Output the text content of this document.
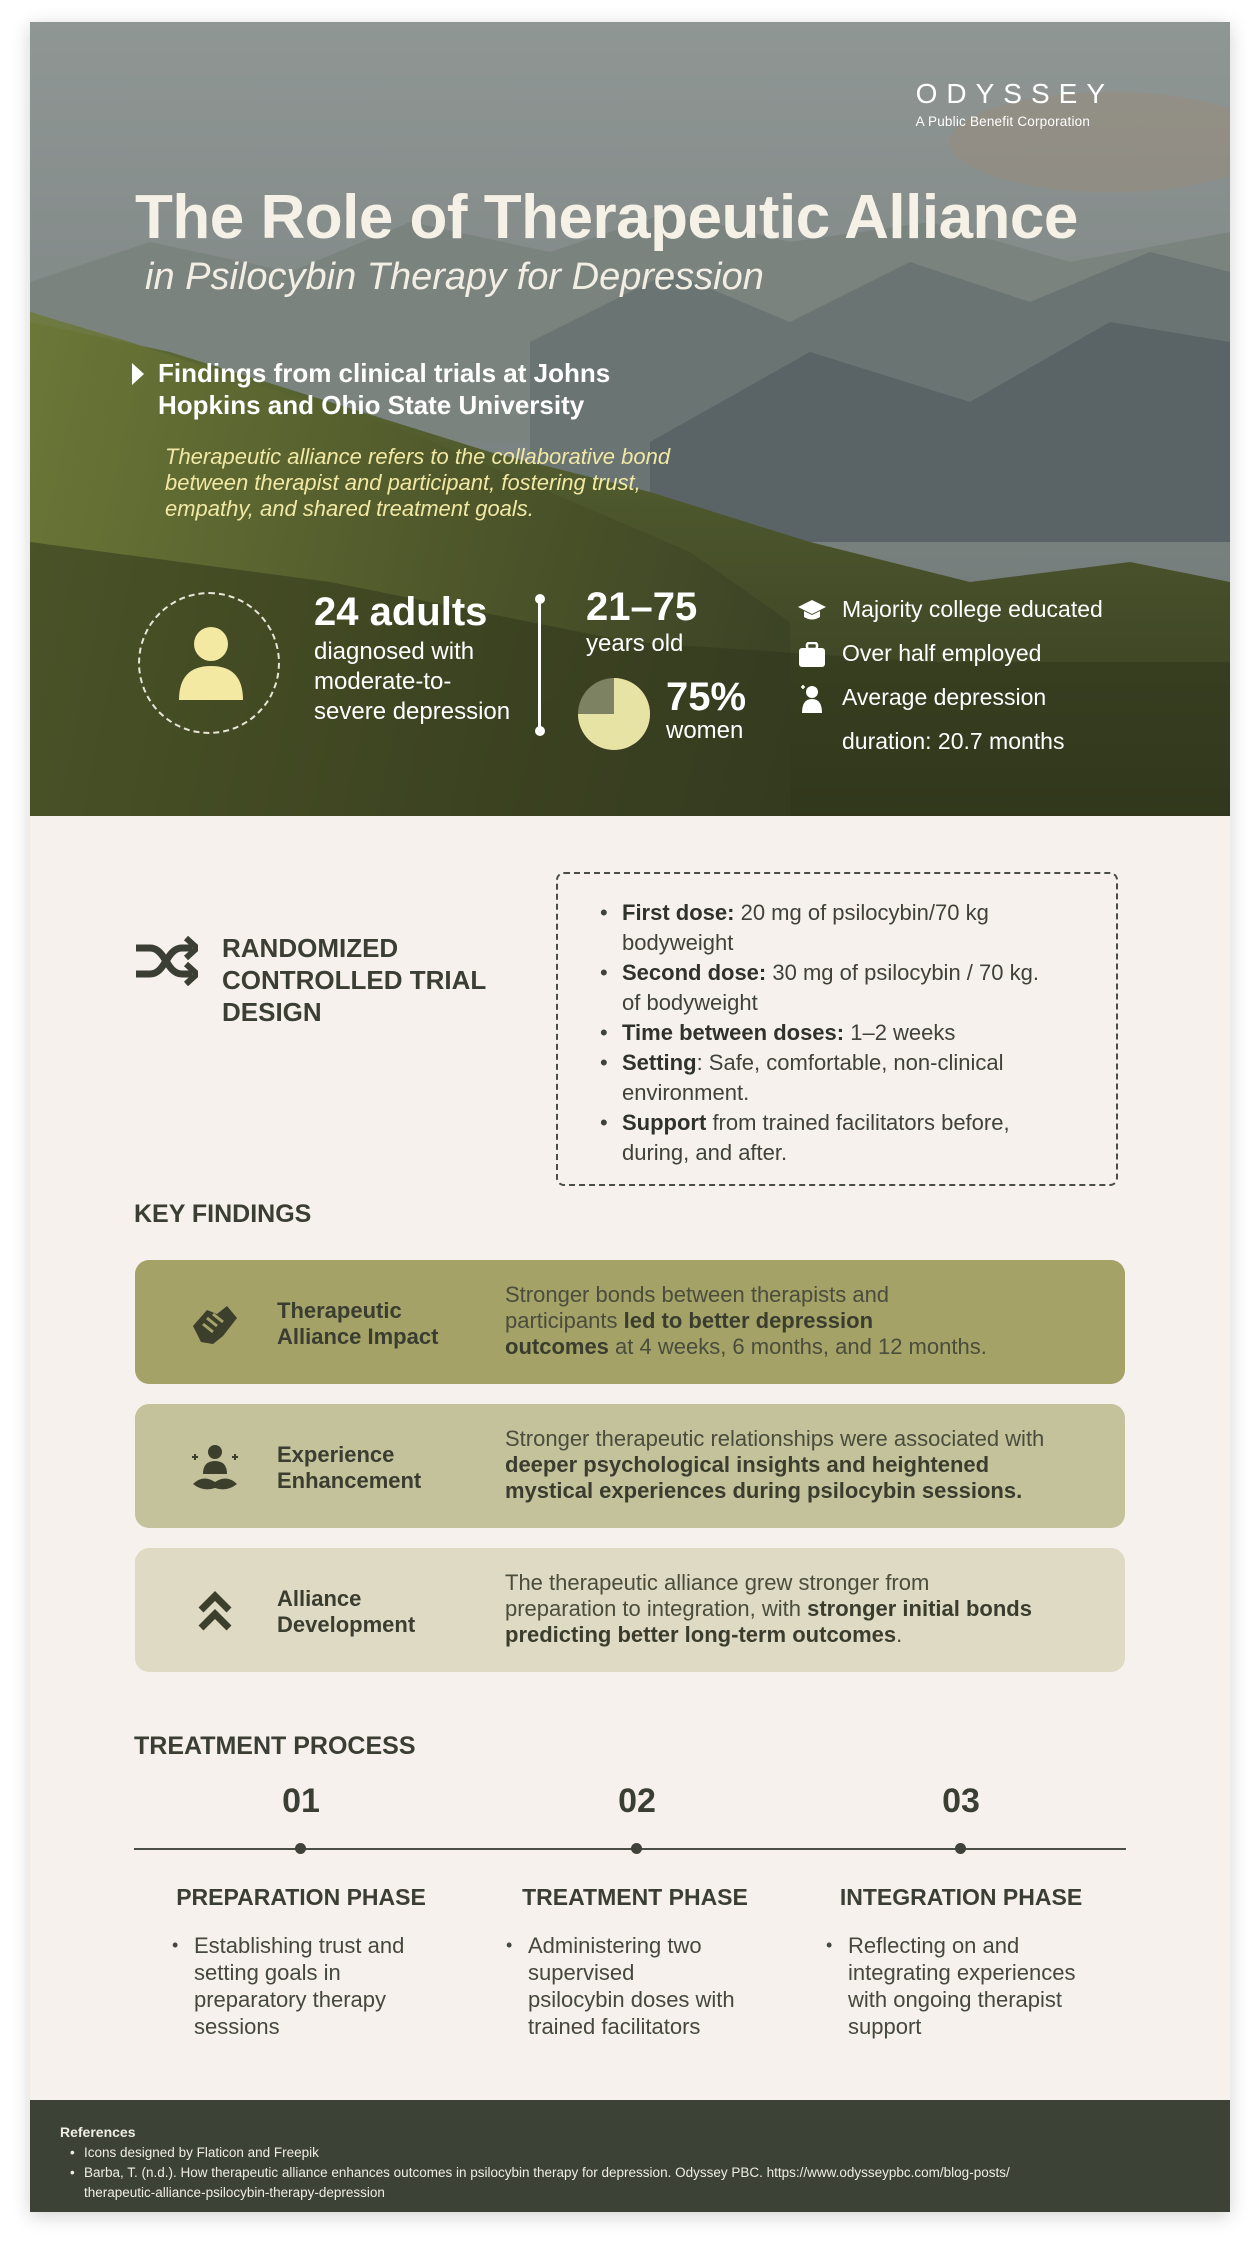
ODYSSEY
A Public Benefit Corporation
The Role of Therapeutic Alliance
in Psilocybin Therapy for Depression
Findings from clinical trials at Johns
Hopkins and Ohio State University
Therapeutic alliance refers to the collaborative bond
between therapist and participant, fostering trust,
empathy, and shared treatment goals.
24 adults
diagnosed with
moderate-to-
severe depression
21–75
years old
75%
women
Majority college educated
Over half employed
Average depression
duration: 20.7 months
RANDOMIZED
CONTROLLED TRIAL
DESIGN
• First dose: 20 mg of psilocybin/70 kg
bodyweight
• Second dose: 30 mg of psilocybin / 70 kg.
of bodyweight
• Time between doses: 1–2 weeks
• Setting: Safe, comfortable, non-clinical
environment.
• Support from trained facilitators before,
during, and after.
KEY FINDINGS
Therapeutic
Alliance Impact
Stronger bonds between therapists and
participants led to better depression
outcomes at 4 weeks, 6 months, and 12 months.
Experience
Enhancement
Stronger therapeutic relationships were associated with
deeper psychological insights and heightened
mystical experiences during psilocybin sessions.
Alliance
Development
The therapeutic alliance grew stronger from
preparation to integration, with stronger initial bonds
predicting better long-term outcomes.
TREATMENT PROCESS
01	02	03
PREPARATION PHASE	TREATMENT PHASE	INTEGRATION PHASE
• Establishing trust and
setting goals in
preparatory therapy
sessions
• Administering two
supervised
psilocybin doses with
trained facilitators
• Reflecting on and
integrating experiences
with ongoing therapist
support
References
• Icons designed by Flaticon and Freepik
• Barba, T. (n.d.). How therapeutic alliance enhances outcomes in psilocybin therapy for depression. Odyssey PBC. https://www.odysseypbc.com/blog-posts/
therapeutic-alliance-psilocybin-therapy-depression
